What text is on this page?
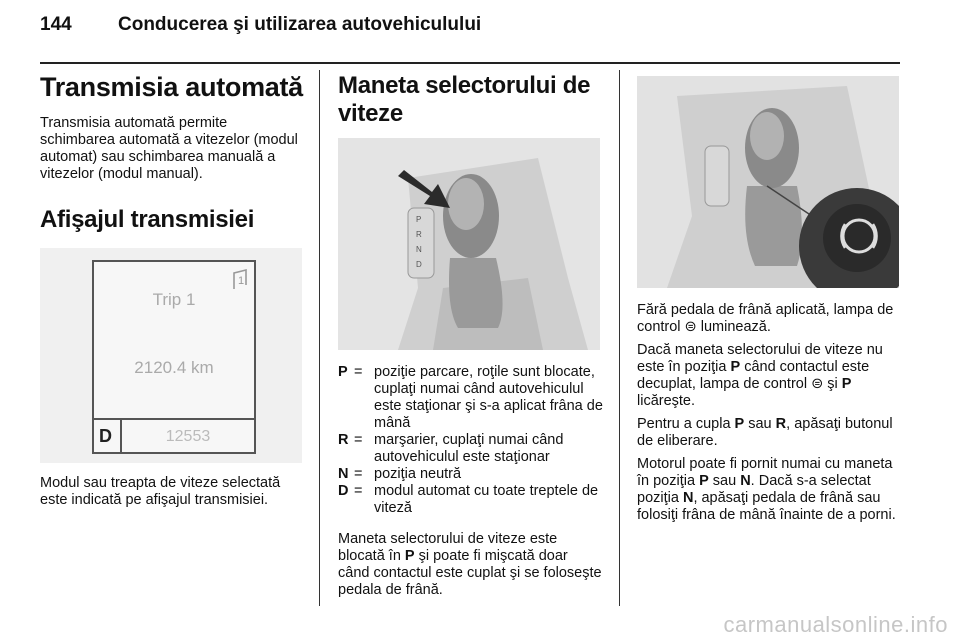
144 Conducerea şi utilizarea autovehiculului
Transmisia automată

Transmisia automată permite schimbarea automată a vitezelor (modul automat) sau schimbarea manuală a vitezelor (modul manual).

Afişajul transmisiei
1
Trip 1
2120.4 km
D	12553

Modul sau treapta de viteze selectată este indicată pe afişajul transmisiei.

Maneta selectorului de viteze
P
R
N
D
P = poziţie parcare, roţile sunt blocate, cuplaţi numai când autovehiculul este staţionar şi s-a aplicat frâna de mână
R = marşarier, cuplaţi numai când autovehiculul este staţionar
N = poziţia neutră
D = modul automat cu toate treptele de viteză

Maneta selectorului de viteze este blocată în P şi poate fi mişcată doar când contactul este cuplat şi se foloseşte pedala de frână.

Fără pedala de frână aplicată, lampa de control ⊜ luminează.

Dacă maneta selectorului de viteze nu este în poziţia P când contactul este decuplat, lampa de control ⊜ şi P licăreşte.

Pentru a cupla P sau R, apăsaţi butonul de eliberare.

Motorul poate fi pornit numai cu maneta în poziţia P sau N. Dacă s-a selectat poziţia N, apăsaţi pedala de frână sau folosiţi frâna de mână înainte de a porni.

carmanualsonline.info
